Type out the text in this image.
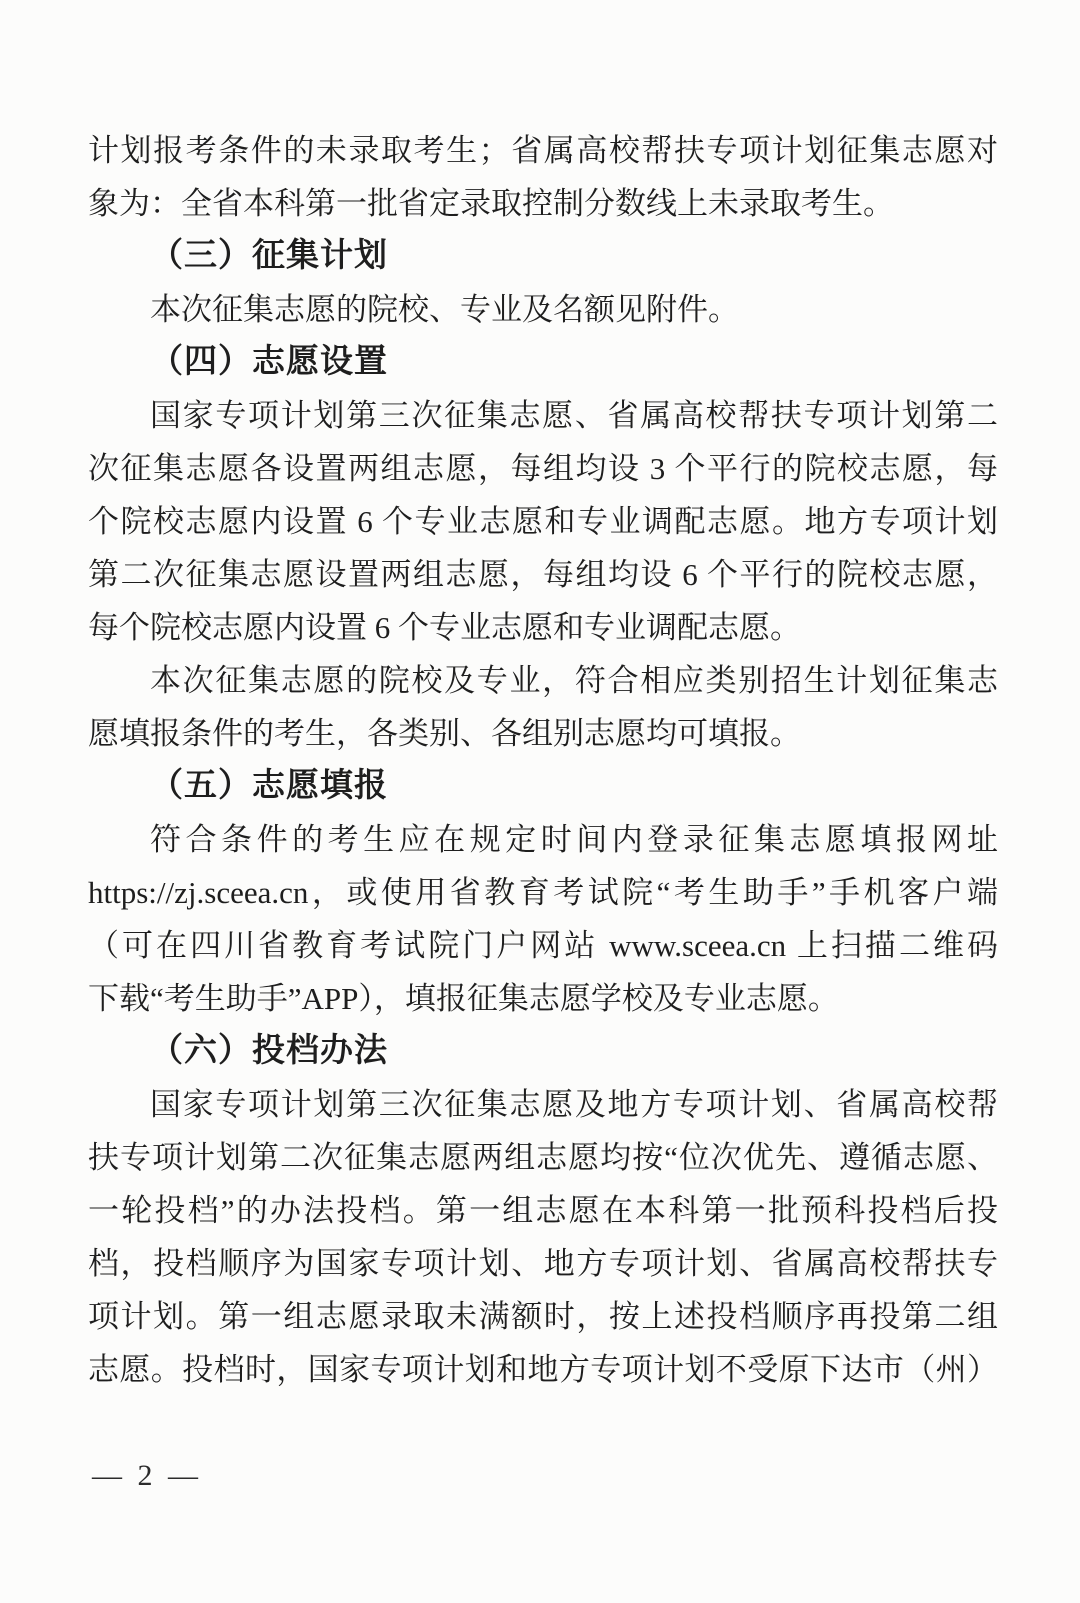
计划报考条件的未录取考生；省属高校帮扶专项计划征集志愿对
象为：全省本科第一批省定录取控制分数线上未录取考生。
（三）征集计划
本次征集志愿的院校、专业及名额见附件。
（四）志愿设置
国家专项计划第三次征集志愿、省属高校帮扶专项计划第二
次征集志愿各设置两组志愿，每组均设 3 个平行的院校志愿，每
个院校志愿内设置 6 个专业志愿和专业调配志愿。地方专项计划
第二次征集志愿设置两组志愿，每组均设 6 个平行的院校志愿，
每个院校志愿内设置 6 个专业志愿和专业调配志愿。
本次征集志愿的院校及专业，符合相应类别招生计划征集志
愿填报条件的考生，各类别、各组别志愿均可填报。
（五）志愿填报
符合条件的考生应在规定时间内登录征集志愿填报网址
https://zj.sceea.cn，或使用省教育考试院“考生助手”手机客户端
（可在四川省教育考试院门户网站 www.sceea.cn 上扫描二维码
下载“考生助手”APP），填报征集志愿学校及专业志愿。
（六）投档办法
国家专项计划第三次征集志愿及地方专项计划、省属高校帮
扶专项计划第二次征集志愿两组志愿均按“位次优先、遵循志愿、
一轮投档”的办法投档。第一组志愿在本科第一批预科投档后投
档，投档顺序为国家专项计划、地方专项计划、省属高校帮扶专
项计划。第一组志愿录取未满额时，按上述投档顺序再投第二组
志愿。投档时，国家专项计划和地方专项计划不受原下达市（州）
— 2 —
